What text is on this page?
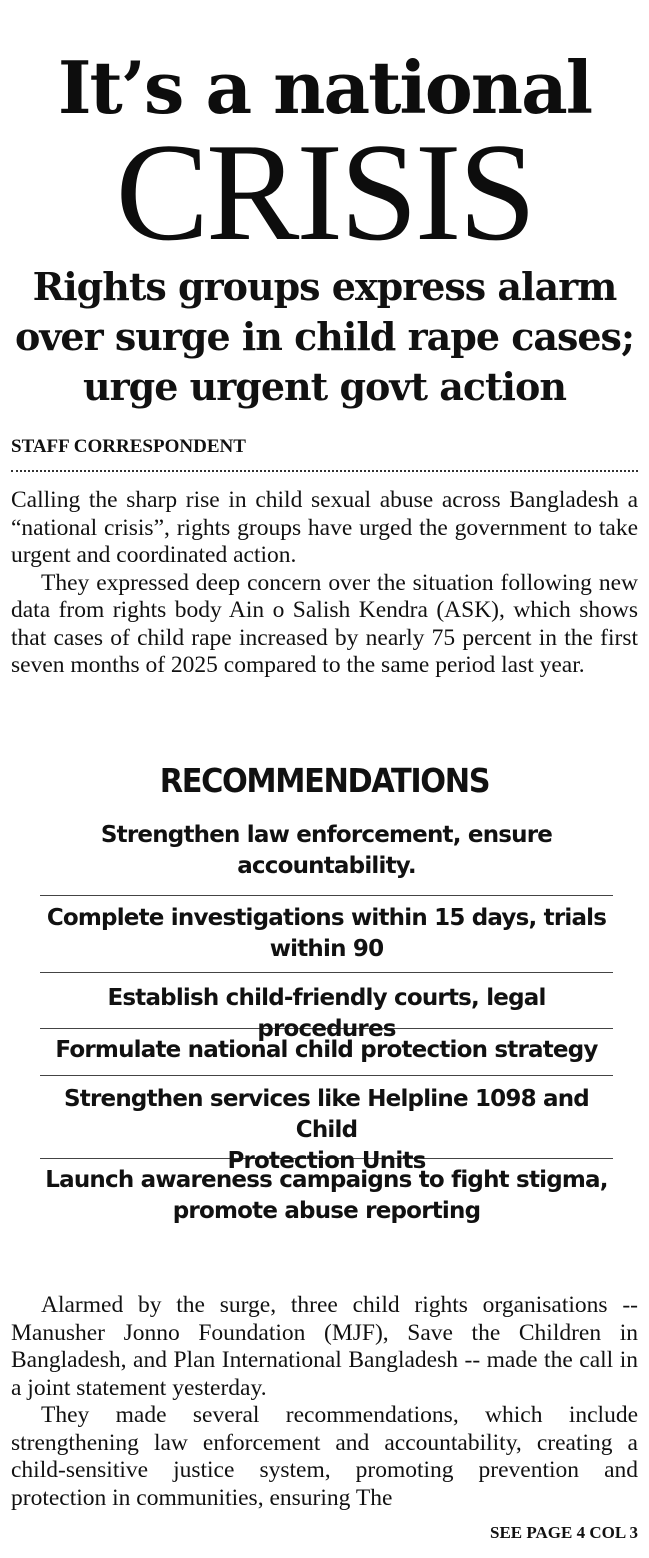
It’s a national
CRISIS
Rights groups express alarm
over surge in child rape cases;
urge urgent govt action
STAFF CORRESPONDENT

Calling the sharp rise in child sexual abuse across Bangladesh a “national crisis”, rights groups have urged the government to take urgent and coordinated action.

They expressed deep concern over the situation following new data from rights body Ain o Salish Kendra (ASK), which shows that cases of child rape increased by nearly 75 percent in the first seven months of 2025 compared to the same period last year.

RECOMMENDATIONS
Strengthen law enforcement, ensure
accountability.
Complete investigations within 15 days, trials
within 90
Establish child-friendly courts, legal procedures
Formulate national child protection strategy
Strengthen services like Helpline 1098 and Child
Protection Units
Launch awareness campaigns to fight stigma,
promote abuse reporting

Alarmed by the surge, three child rights organisations -- Manusher Jonno Foundation (MJF), Save the Children in Bangladesh, and Plan International Bangladesh -- made the call in a joint statement yesterday.

They made several recommendations, which include strengthening law enforcement and accountability, creating a child-sensitive justice system, promoting prevention and protection in communities, ensuring The

SEE PAGE 4 COL 3
